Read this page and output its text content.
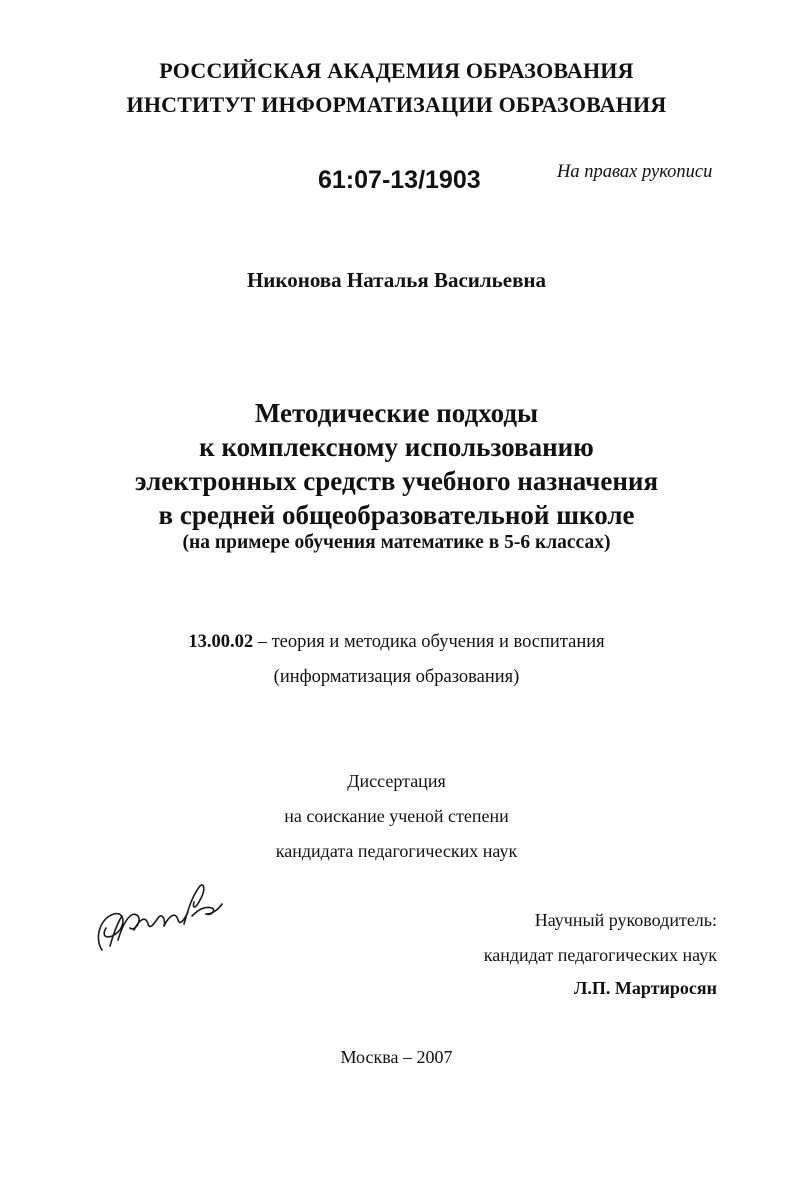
РОССИЙСКАЯ АКАДЕМИЯ ОБРАЗОВАНИЯ

ИНСТИТУТ ИНФОРМАТИЗАЦИИ ОБРАЗОВАНИЯ

61:07-13/1903	На правах рукописи

Никонова Наталья Васильевна

Методические подходы
к комплексному использованию
электронных средств учебного назначения
в средней общеобразовательной школе

(на примере обучения математике в 5-6 классах)

13.00.02 – теория и методика обучения и воспитания

(информатизация образования)

Диссертация

на соискание ученой степени

кандидата педагогических наук

Научный руководитель:

кандидат педагогических наук

Л.П. Мартиросян

Москва – 2007
